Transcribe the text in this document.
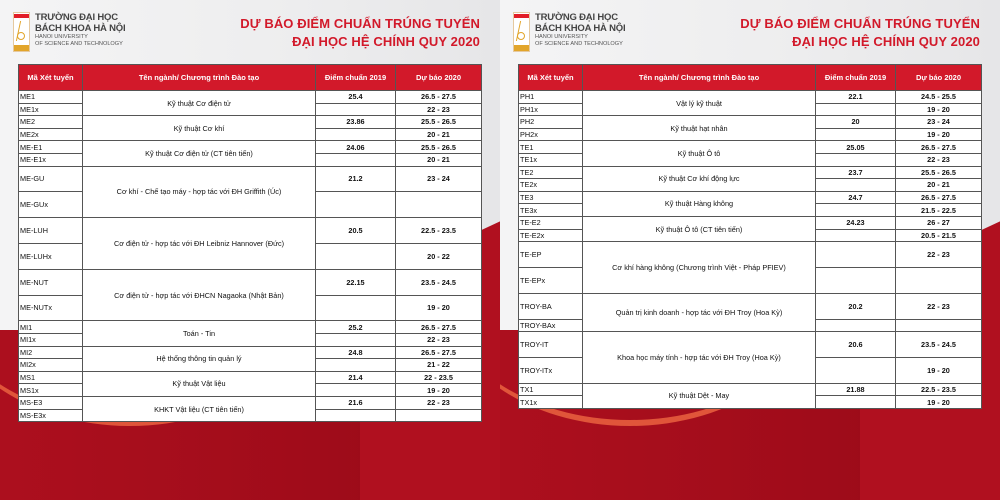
★ TRƯỜNG ĐẠI HỌC
BÁCH KHOA HÀ NỘI
HANOI UNIVERSITY
OF SCIENCE AND TECHNOLOGY
DỰ BÁO ĐIỂM CHUẨN TRÚNG TUYỂN
ĐẠI HỌC HỆ CHÍNH QUY 2020
Mã Xét tuyển	Tên ngành/ Chương trình Đào tạo	Điểm chuẩn 2019	Dự báo 2020
ME1	Kỹ thuật Cơ điện tử	25.4	26.5 - 27.5
ME1x			22 - 23
ME2	Kỹ thuật Cơ khí	23.86	25.5 - 26.5
ME2x			20 - 21
ME-E1	Kỹ thuật Cơ điện tử (CT tiên tiến)	24.06	25.5 - 26.5
ME-E1x			20 - 21
ME-GU	Cơ khí - Chế tạo máy - hợp tác với ĐH Griffith (Úc)	21.2	23 - 24
ME-GUx			
ME-LUH	Cơ điện tử - hợp tác với ĐH Leibniz Hannover (Đức)	20.5	22.5 - 23.5
ME-LUHx			20 - 22
ME-NUT	Cơ điện tử - hợp tác với ĐHCN Nagaoka (Nhật Bản)	22.15	23.5 - 24.5
ME-NUTx			19 - 20
MI1	Toán - Tin	25.2	26.5 - 27.5
MI1x			22 - 23
MI2	Hệ thống thông tin quản lý	24.8	26.5 - 27.5
MI2x			21 - 22
MS1	Kỹ thuật Vật liệu	21.4	22 - 23.5
MS1x			19 - 20
MS-E3	KHKT Vật liệu (CT tiên tiến)	21.6	22 - 23
MS-E3x			
★ TRƯỜNG ĐẠI HỌC
BÁCH KHOA HÀ NỘI
HANOI UNIVERSITY
OF SCIENCE AND TECHNOLOGY
DỰ BÁO ĐIỂM CHUẨN TRÚNG TUYỂN
ĐẠI HỌC HỆ CHÍNH QUY 2020
Mã Xét tuyển	Tên ngành/ Chương trình Đào tạo	Điểm chuẩn 2019	Dự báo 2020
PH1	Vật lý kỹ thuật	22.1	24.5 - 25.5
PH1x			19 - 20
PH2	Kỹ thuật hạt nhân	20	23 - 24
PH2x			19 - 20
TE1	Kỹ thuật Ô tô	25.05	26.5 - 27.5
TE1x			22 - 23
TE2	Kỹ thuật Cơ khí động lực	23.7	25.5 - 26.5
TE2x			20 - 21
TE3	Kỹ thuật Hàng không	24.7	26.5 - 27.5
TE3x			21.5 - 22.5
TE-E2	Kỹ thuật Ô tô (CT tiên tiến)	24.23	26 - 27
TE-E2x			20.5 - 21.5
TE-EP	Cơ khí hàng không (Chương trình Việt - Pháp PFIEV)		22 - 23
TE-EPx			
TROY-BA	Quản trị kinh doanh - hợp tác với ĐH Troy (Hoa Kỳ)	20.2	22 - 23
TROY-BAx			
TROY-IT	Khoa học máy tính - hợp tác với ĐH Troy (Hoa Kỳ)	20.6	23.5 - 24.5
TROY-ITx			19 - 20
TX1	Kỹ thuật Dệt - May	21.88	22.5 - 23.5
TX1x			19 - 20
